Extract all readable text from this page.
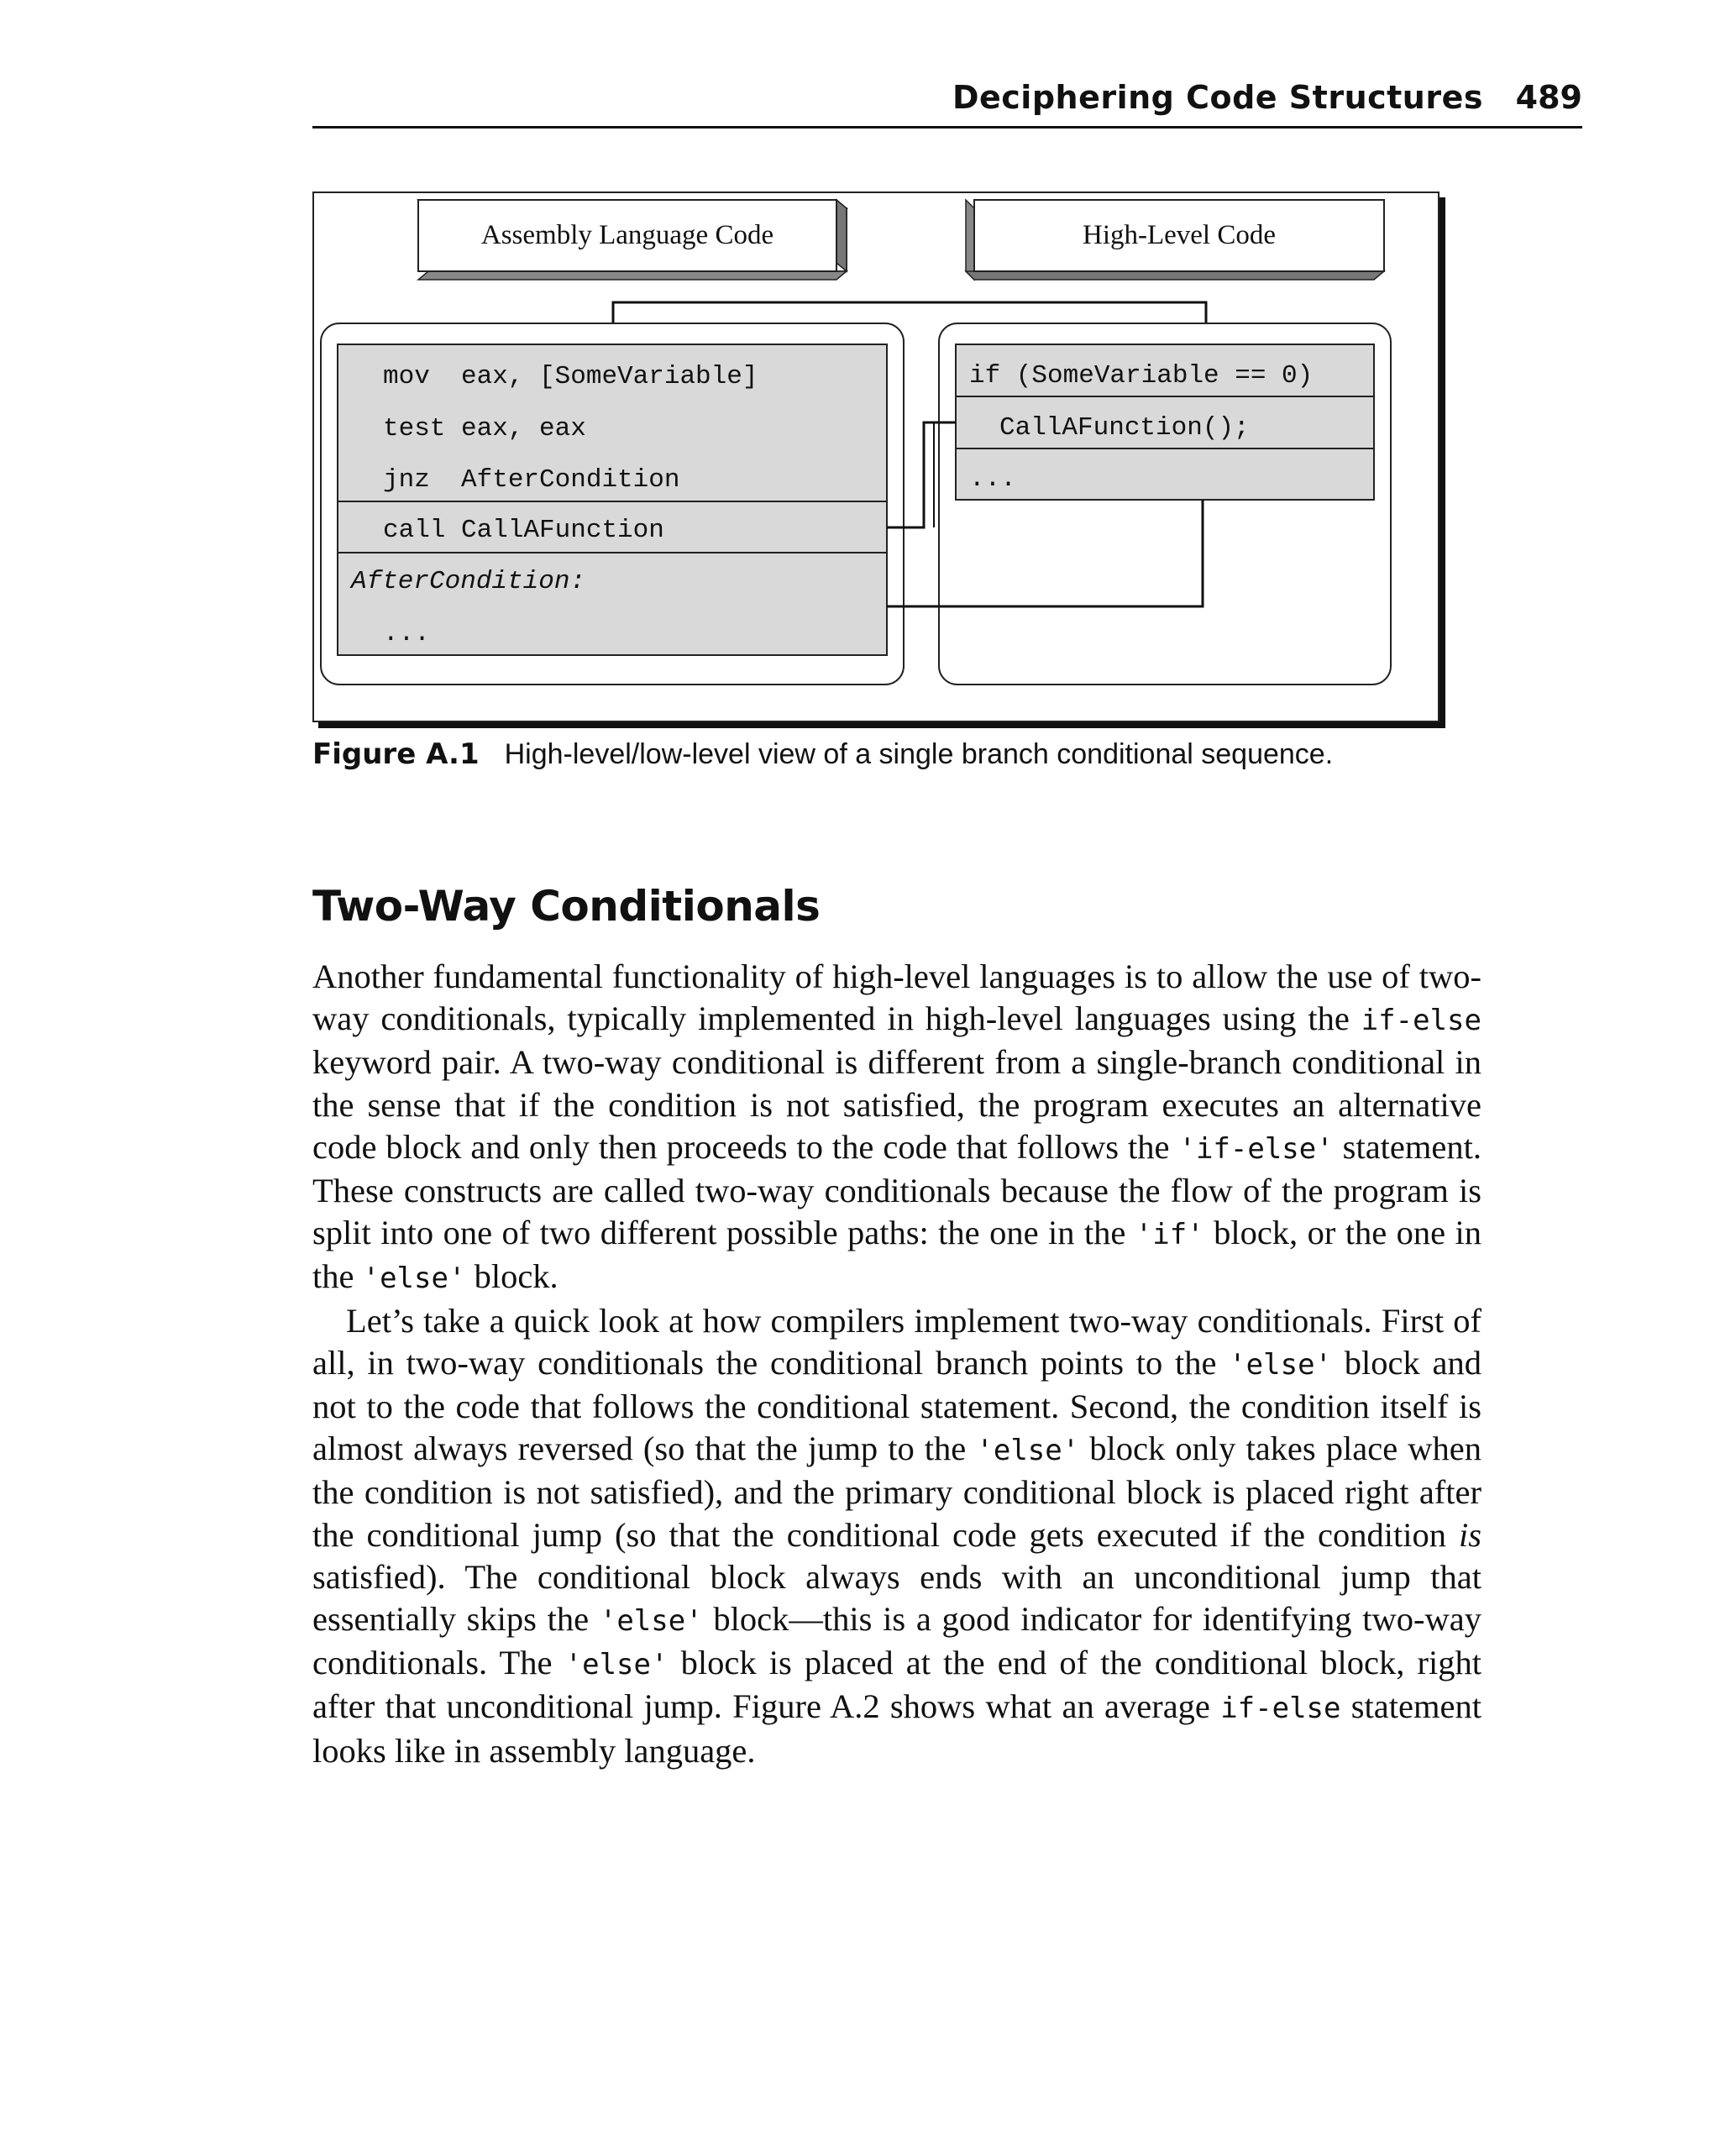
Deciphering Code Structures 489
Assembly Language Code	High-Level Code
mov  eax, [SomeVariable]
test eax, eax
jnz  AfterCondition
call CallAFunction
AfterCondition:
...
if (SomeVariable == 0)
CallAFunction();
...
Figure A.1 High-level/low-level view of a single branch conditional sequence.
Two-Way Conditionals

Another fundamental functionality of high-level languages is to allow the use of two-way conditionals, typically implemented in high-level languages using the if-else keyword pair. A two-way conditional is different from a single-branch conditional in the sense that if the condition is not satisfied, the program executes an alternative code block and only then proceeds to the code that follows the 'if-else' statement. These constructs are called two-way conditionals because the flow of the program is split into one of two different possible paths: the one in the 'if' block, or the one in the 'else' block.

Let’s take a quick look at how compilers implement two-way conditionals. First of all, in two-way conditionals the conditional branch points to the 'else' block and not to the code that follows the conditional statement. Second, the condition itself is almost always reversed (so that the jump to the 'else' block only takes place when the condition is not satisfied), and the primary conditional block is placed right after the conditional jump (so that the conditional code gets executed if the condition is satisfied). The conditional block always ends with an unconditional jump that essentially skips the 'else' block—this is a good indicator for identifying two-way conditionals. The 'else' block is placed at the end of the conditional block, right after that unconditional jump. Figure A.2 shows what an average if-else statement looks like in assembly language.
